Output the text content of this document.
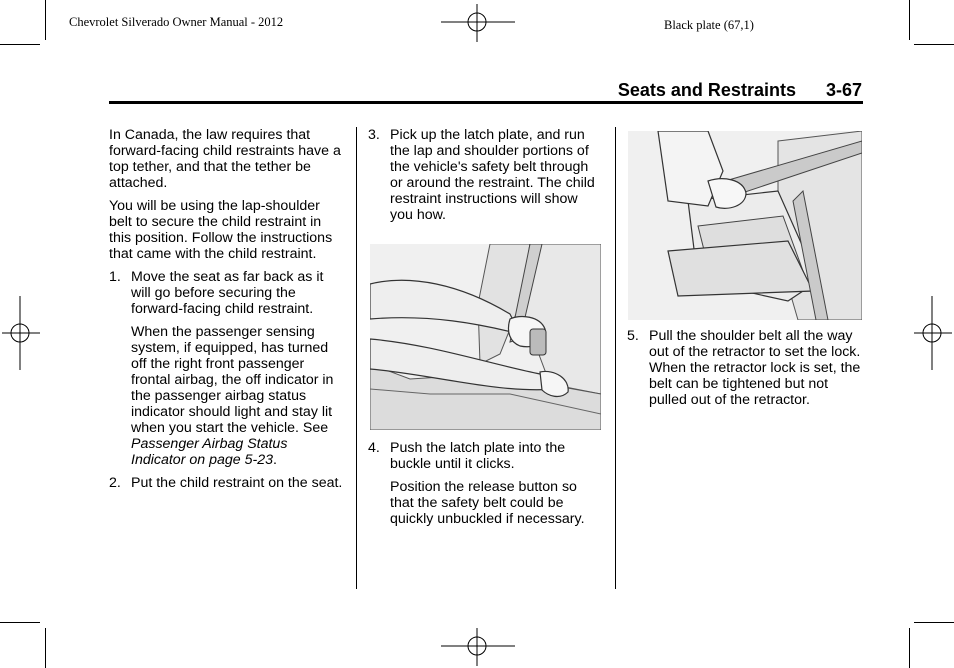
Chevrolet Silverado Owner Manual - 2012	Black plate (67,1)
Seats and Restraints 3-67

In Canada, the law requires that forward-facing child restraints have a top tether, and that the tether be attached.

You will be using the lap-shoulder belt to secure the child restraint in this position. Follow the instructions that came with the child restraint.

1. Move the seat as far back as it will go before securing the forward-facing child restraint.
When the passenger sensing system, if equipped, has turned off the right front passenger frontal airbag, the off indicator in the passenger airbag status indicator should light and stay lit when you start the vehicle. See Passenger Airbag Status Indicator on page 5-23.
2. Put the child restraint on the seat.
3. Pick up the latch plate, and run the lap and shoulder portions of the vehicle's safety belt through or around the restraint. The child restraint instructions will show you how.
4. Push the latch plate into the buckle until it clicks.
Position the release button so that the safety belt could be quickly unbuckled if necessary.
5. Pull the shoulder belt all the way out of the retractor to set the lock. When the retractor lock is set, the belt can be tightened but not pulled out of the retractor.
